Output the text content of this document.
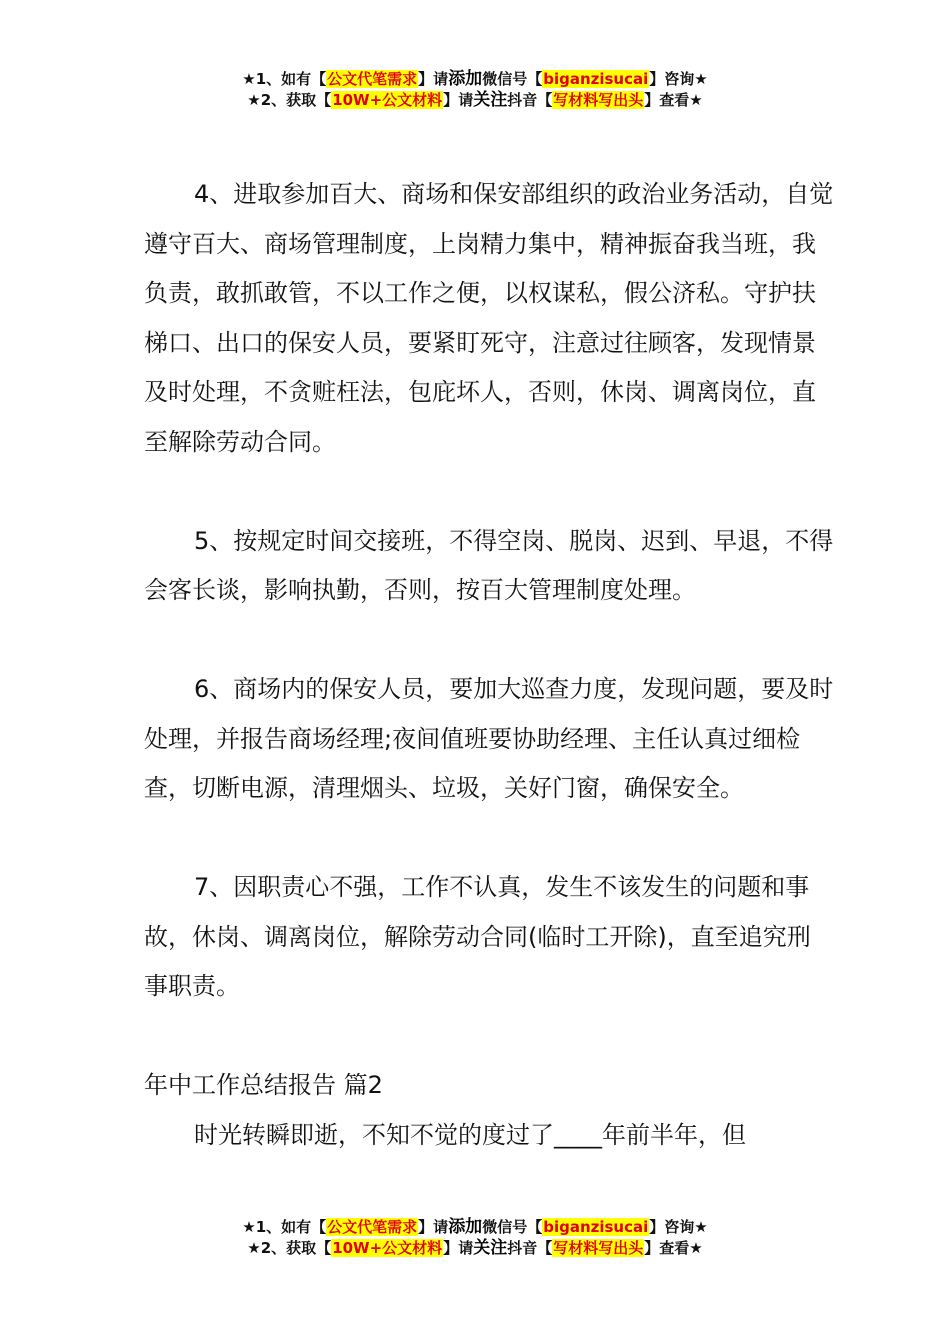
★1、如有【公文代笔需求】请添加微信号【biganzisucai】咨询★
★2、获取【10W+公文材料】请关注抖音【写材料写出头】查看★

4、进取参加百大、商场和保安部组织的政治业务活动，自觉遵守百大、商场管理制度，上岗精力集中，精神振奋我当班，我负责，敢抓敢管，不以工作之便，以权谋私，假公济私。守护扶梯口、出口的保安人员，要紧盯死守，注意过往顾客，发现情景及时处理，不贪赃枉法，包庇坏人，否则，休岗、调离岗位，直至解除劳动合同。

5、按规定时间交接班，不得空岗、脱岗、迟到、早退，不得会客长谈，影响执勤，否则，按百大管理制度处理。

6、商场内的保安人员，要加大巡查力度，发现问题，要及时处理，并报告商场经理;夜间值班要协助经理、主任认真过细检查，切断电源，清理烟头、垃圾，关好门窗，确保安全。

7、因职责心不强，工作不认真，发生不该发生的问题和事故，休岗、调离岗位，解除劳动合同(临时工开除)，直至追究刑事职责。

年中工作总结报告 篇2

时光转瞬即逝，不知不觉的度过了____年前半年，但

★1、如有【公文代笔需求】请添加微信号【biganzisucai】咨询★
★2、获取【10W+公文材料】请关注抖音【写材料写出头】查看★
